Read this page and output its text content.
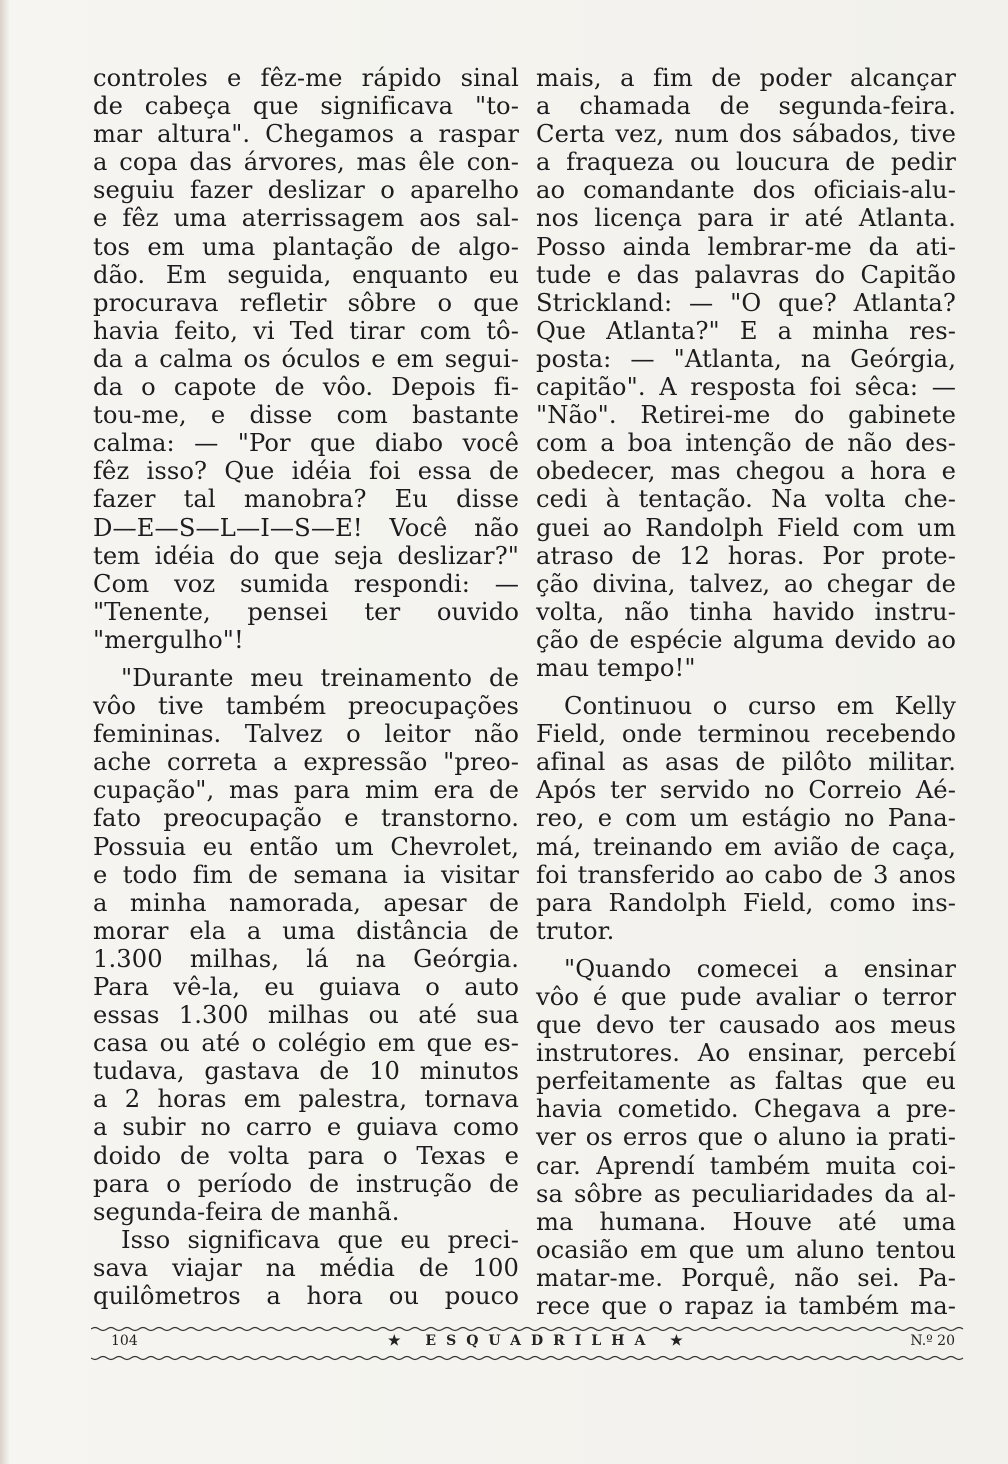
controles e fêz-me rápido sinal
de cabeça que significava "to-
mar altura". Chegamos a raspar
a copa das árvores, mas êle con-
seguiu fazer deslizar o aparelho
e fêz uma aterrissagem aos sal-
tos em uma plantação de algo-
dão. Em seguida, enquanto eu
procurava refletir sôbre o que
havia feito, vi Ted tirar com tô-
da a calma os óculos e em segui-
da o capote de vôo. Depois fi-
tou-me, e disse com bastante
calma: — "Por que diabo você
fêz isso? Que idéia foi essa de
fazer tal manobra? Eu disse
D—E—S—L—I—S—E! Você não
tem idéia do que seja deslizar?"
Com voz sumida respondi: —
"Tenente, pensei ter ouvido
"mergulho"!
"Durante meu treinamento de
vôo tive também preocupações
femininas. Talvez o leitor não
ache correta a expressão "preo-
cupação", mas para mim era de
fato preocupação e transtorno.
Possuia eu então um Chevrolet,
e todo fim de semana ia visitar
a minha namorada, apesar de
morar ela a uma distância de
1.300 milhas, lá na Geórgia.
Para vê-la, eu guiava o auto
essas 1.300 milhas ou até sua
casa ou até o colégio em que es-
tudava, gastava de 10 minutos
a 2 horas em palestra, tornava
a subir no carro e guiava como
doido de volta para o Texas e
para o período de instrução de
segunda-feira de manhã.
Isso significava que eu preci-
sava viajar na média de 100
quilômetros a hora ou pouco
mais, a fim de poder alcançar
a chamada de segunda-feira.
Certa vez, num dos sábados, tive
a fraqueza ou loucura de pedir
ao comandante dos oficiais-alu-
nos licença para ir até Atlanta.
Posso ainda lembrar-me da ati-
tude e das palavras do Capitão
Strickland: — "O que? Atlanta?
Que Atlanta?" E a minha res-
posta: — "Atlanta, na Geórgia,
capitão". A resposta foi sêca: —
"Não". Retirei-me do gabinete
com a boa intenção de não des-
obedecer, mas chegou a hora e
cedi à tentação. Na volta che-
guei ao Randolph Field com um
atraso de 12 horas. Por prote-
ção divina, talvez, ao chegar de
volta, não tinha havido instru-
ção de espécie alguma devido ao
mau tempo!"
Continuou o curso em Kelly
Field, onde terminou recebendo
afinal as asas de pilôto militar.
Após ter servido no Correio Aé-
reo, e com um estágio no Pana-
má, treinando em avião de caça,
foi transferido ao cabo de 3 anos
para Randolph Field, como ins-
trutor.
"Quando comecei a ensinar
vôo é que pude avaliar o terror
que devo ter causado aos meus
instrutores. Ao ensinar, percebí
perfeitamente as faltas que eu
havia cometido. Chegava a pre-
ver os erros que o aluno ia prati-
car. Aprendí também muita coi-
sa sôbre as peculiaridades da al-
ma humana. Houve até uma
ocasião em que um aluno tentou
matar-me. Porquê, não sei. Pa-
rece que o rapaz ia também ma-
104	★ ESQUADRILHA ★	N.º 20
